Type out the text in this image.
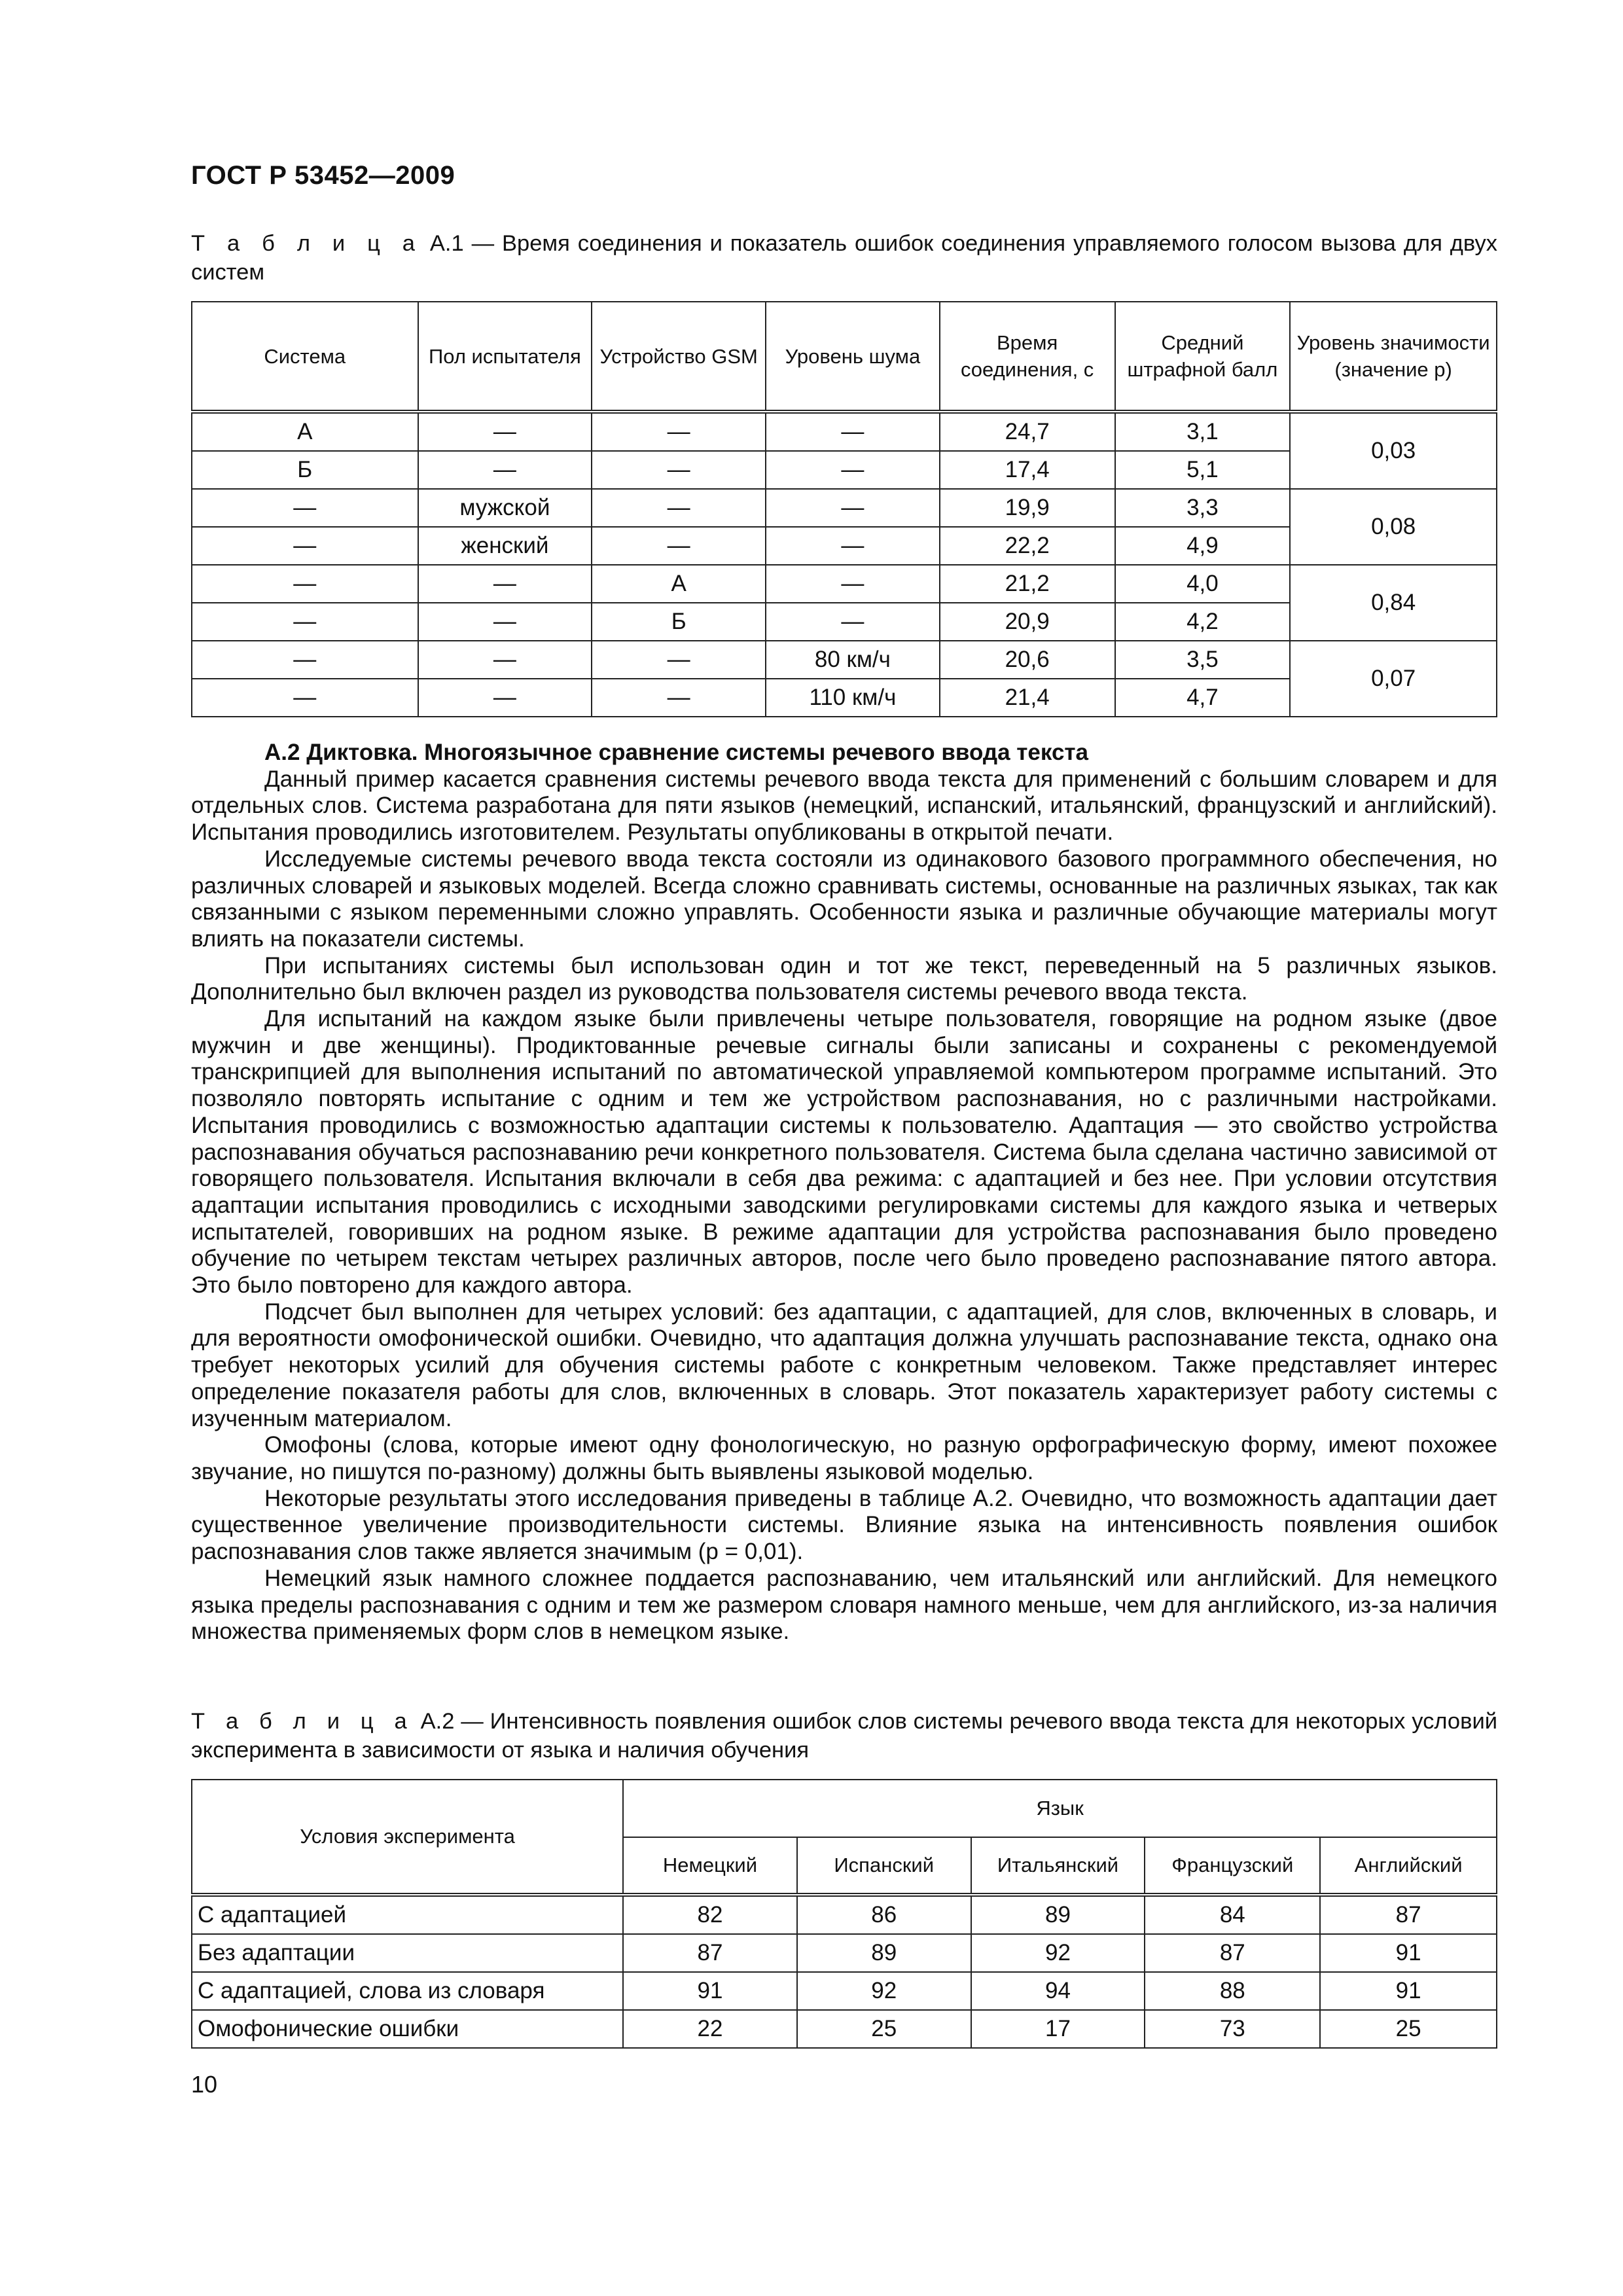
ГОСТ Р 53452—2009
Т а б л и ц а А.1 — Время соединения и показатель ошибок соединения управляемого голосом вызова для двух систем
Система	Пол испытателя	Устройство GSM	Уровень шума	Время соединения, с	Средний штрафной балл	Уровень значимости (значение p)
А	—	—	—	24,7	3,1	0,03
Б	—	—	—	17,4	5,1	
—	мужской	—	—	19,9	3,3	0,08
—	женский	—	—	22,2	4,9	
—	—	А	—	21,2	4,0	0,84
—	—	Б	—	20,9	4,2	
—	—	—	80 км/ч	20,6	3,5	0,07
—	—	—	110 км/ч	21,4	4,7	
А.2 Диктовка. Многоязычное сравнение системы речевого ввода текста

Данный пример касается сравнения системы речевого ввода текста для применений с большим словарем и для отдельных слов. Система разработана для пяти языков (немецкий, испанский, итальянский, французский и английский). Испытания проводились изготовителем. Результаты опубликованы в открытой печати.

Исследуемые системы речевого ввода текста состояли из одинакового базового программного обеспечения, но различных словарей и языковых моделей. Всегда сложно сравнивать системы, основанные на различных языках, так как связанными с языком переменными сложно управлять. Особенности языка и различные обучающие материалы могут влиять на показатели системы.

При испытаниях системы был использован один и тот же текст, переведенный на 5 различных языков. Дополнительно был включен раздел из руководства пользователя системы речевого ввода текста.

Для испытаний на каждом языке были привлечены четыре пользователя, говорящие на родном языке (двое мужчин и две женщины). Продиктованные речевые сигналы были записаны и сохранены с рекомендуемой транскрипцией для выполнения испытаний по автоматической управляемой компьютером программе испытаний. Это позволяло повторять испытание с одним и тем же устройством распознавания, но с различными настройками. Испытания проводились с возможностью адаптации системы к пользователю. Адаптация — это свойство устройства распознавания обучаться распознаванию речи конкретного пользователя. Система была сделана частично зависимой от говорящего пользователя. Испытания включали в себя два режима: с адаптацией и без нее. При условии отсутствия адаптации испытания проводились с исходными заводскими регулировками системы для каждого языка и четверых испытателей, говоривших на родном языке. В режиме адаптации для устройства распознавания было проведено обучение по четырем текстам четырех различных авторов, после чего было проведено распознавание пятого автора. Это было повторено для каждого автора.

Подсчет был выполнен для четырех условий: без адаптации, с адаптацией, для слов, включенных в словарь, и для вероятности омофонической ошибки. Очевидно, что адаптация должна улучшать распознавание текста, однако она требует некоторых усилий для обучения системы работе с конкретным человеком. Также представляет интерес определение показателя работы для слов, включенных в словарь. Этот показатель характеризует работу системы с изученным материалом.

Омофоны (слова, которые имеют одну фонологическую, но разную орфографическую форму, имеют похожее звучание, но пишутся по-разному) должны быть выявлены языковой моделью.

Некоторые результаты этого исследования приведены в таблице А.2. Очевидно, что возможность адаптации дает существенное увеличение производительности системы. Влияние языка на интенсивность появления ошибок распознавания слов также является значимым (p = 0,01).

Немецкий язык намного сложнее поддается распознаванию, чем итальянский или английский. Для немецкого языка пределы распознавания с одним и тем же размером словаря намного меньше, чем для английского, из-за наличия множества применяемых форм слов в немецком языке.

Т а б л и ц а А.2 — Интенсивность появления ошибок слов системы речевого ввода текста для некоторых условий эксперимента в зависимости от языка и наличия обучения
Условия эксперимента	Язык				
	Немецкий	Испанский	Итальянский	Французский	Английский
С адаптацией	82	86	89	84	87
Без адаптации	87	89	92	87	91
С адаптацией, слова из словаря	91	92	94	88	91
Омофонические ошибки	22	25	17	73	25
10
